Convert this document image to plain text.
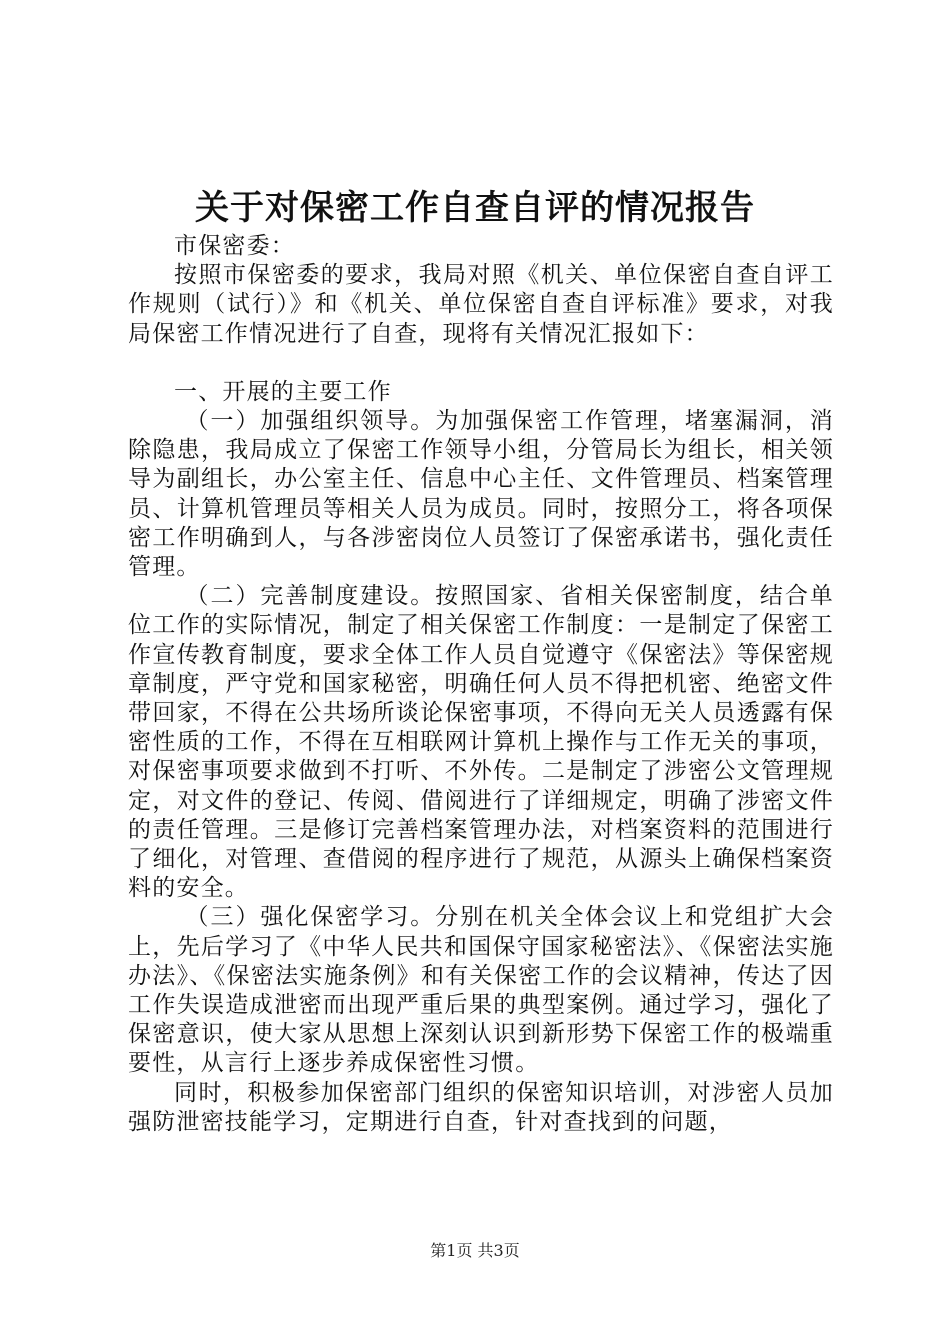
关于对保密工作自查自评的情况报告

市保密委：

按照市保密委的要求，我局对照《机关、单位保密自查自评工作规则（试行）》和《机关、单位保密自查自评标准》要求，对我局保密工作情况进行了自查，现将有关情况汇报如下：

一、开展的主要工作

（一）加强组织领导。为加强保密工作管理，堵塞漏洞，消除隐患，我局成立了保密工作领导小组，分管局长为组长，相关领导为副组长，办公室主任、信息中心主任、文件管理员、档案管理员、计算机管理员等相关人员为成员。同时，按照分工，将各项保密工作明确到人，与各涉密岗位人员签订了保密承诺书，强化责任管理。

（二）完善制度建设。按照国家、省相关保密制度，结合单位工作的实际情况，制定了相关保密工作制度：一是制定了保密工作宣传教育制度，要求全体工作人员自觉遵守《保密法》等保密规章制度，严守党和国家秘密，明确任何人员不得把机密、绝密文件带回家，不得在公共场所谈论保密事项，不得向无关人员透露有保密性质的工作，不得在互相联网计算机上操作与工作无关的事项，对保密事项要求做到不打听、不外传。二是制定了涉密公文管理规定，对文件的登记、传阅、借阅进行了详细规定，明确了涉密文件的责任管理。三是修订完善档案管理办法，对档案资料的范围进行了细化，对管理、查借阅的程序进行了规范，从源头上确保档案资料的安全。

（三）强化保密学习。分别在机关全体会议上和党组扩大会上，先后学习了《中华人民共和国保守国家秘密法》、《保密法实施办法》、《保密法实施条例》和有关保密工作的会议精神，传达了因工作失误造成泄密而出现严重后果的典型案例。通过学习，强化了保密意识，使大家从思想上深刻认识到新形势下保密工作的极端重要性，从言行上逐步养成保密性习惯。

同时，积极参加保密部门组织的保密知识培训，对涉密人员加强防泄密技能学习，定期进行自查，针对查找到的问题，

第1页 共3页
